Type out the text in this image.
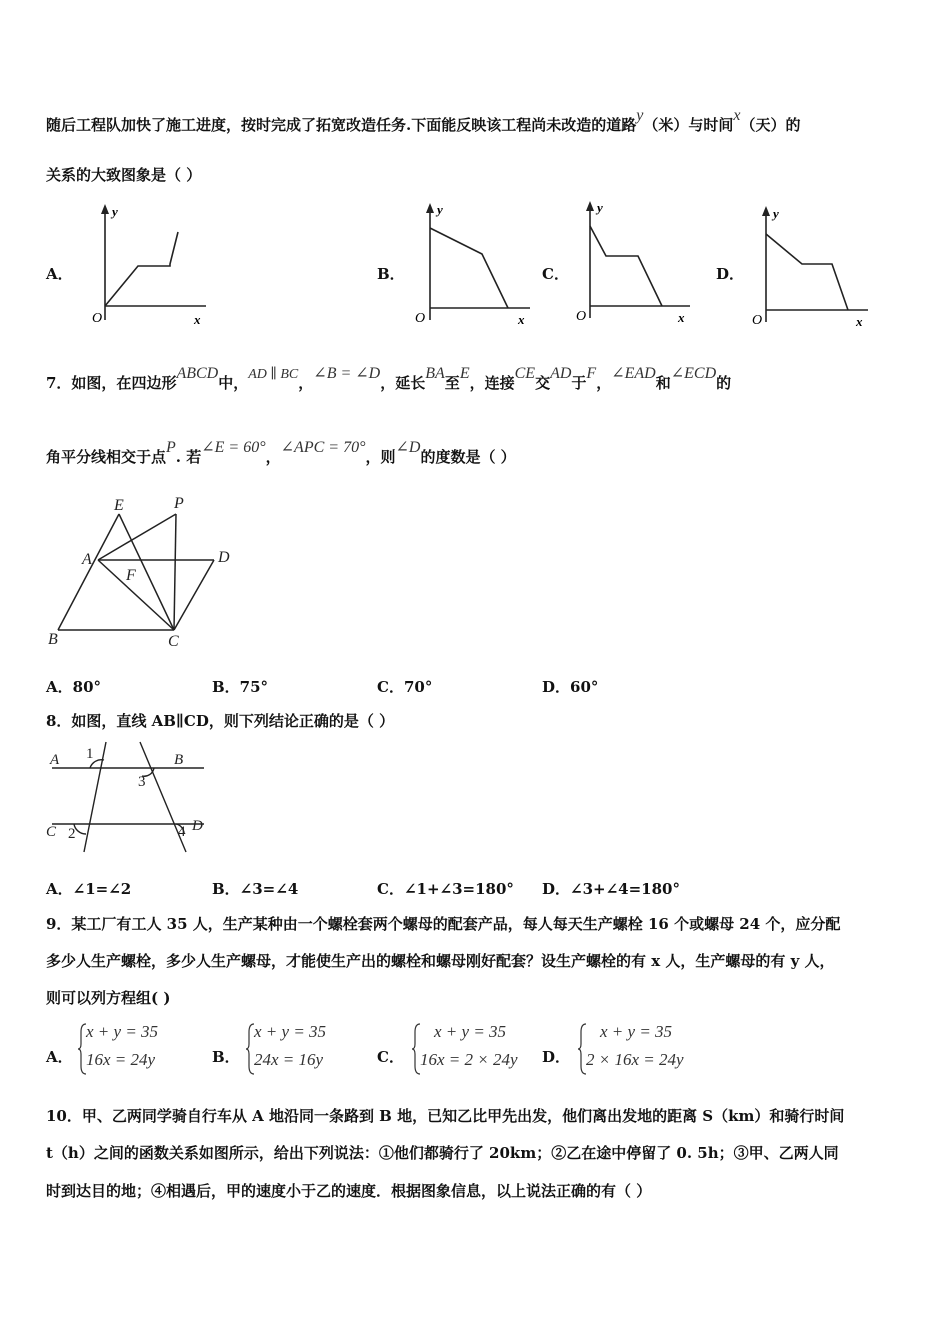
随后工程队加快了施工进度，按时完成了拓宽改造任务.下面能反映该工程尚未改造的道路y（米）与时间x（天）的
关系的大致图象是（ ）
A．	B．	C．	D．
y
O	x
y
O	x
y
O	x
y
O	x
7．如图，在四边形ABCD中，AD ∥ BC，∠B = ∠D，延长BA至E，连接CE交AD于F，∠EAD和∠ECD的
角平分线相交于点P. 若∠E = 60°，∠APC = 70°，则∠D的度数是（ ）
E	P
A	D
F
B	C
A．80°	B．75°	C．70°	D．60°
8．如图，直线 AB∥CD，则下列结论正确的是（ ）
A	B
C	D
1
2
3
4
A．∠1=∠2	B．∠3=∠4	C．∠1+∠3=180° D．∠3+∠4=180°
9．某工厂有工人 35 人，生产某种由一个螺栓套两个螺母的配套产品，每人每天生产螺栓 16 个或螺母 24 个，应分配
多少人生产螺栓，多少人生产螺母，才能使生产出的螺栓和螺母刚好配套？设生产螺栓的有 x 人，生产螺母的有 y 人，
则可以列方程组( )
A．
x + y = 35
16x = 24y	B．
x + y = 35
24x = 16y	C．
x + y = 35
16x = 2 × 24y D．
x + y = 35
2 × 16x = 24y
10．甲、乙两同学骑自行车从 A 地沿同一条路到 B 地，已知乙比甲先出发，他们离出发地的距离 S（km）和骑行时间
t（h）之间的函数关系如图所示，给出下列说法：①他们都骑行了 20km；②乙在途中停留了 0. 5h；③甲、乙两人同
时到达目的地；④相遇后，甲的速度小于乙的速度．根据图象信息，以上说法正确的有（ ）
